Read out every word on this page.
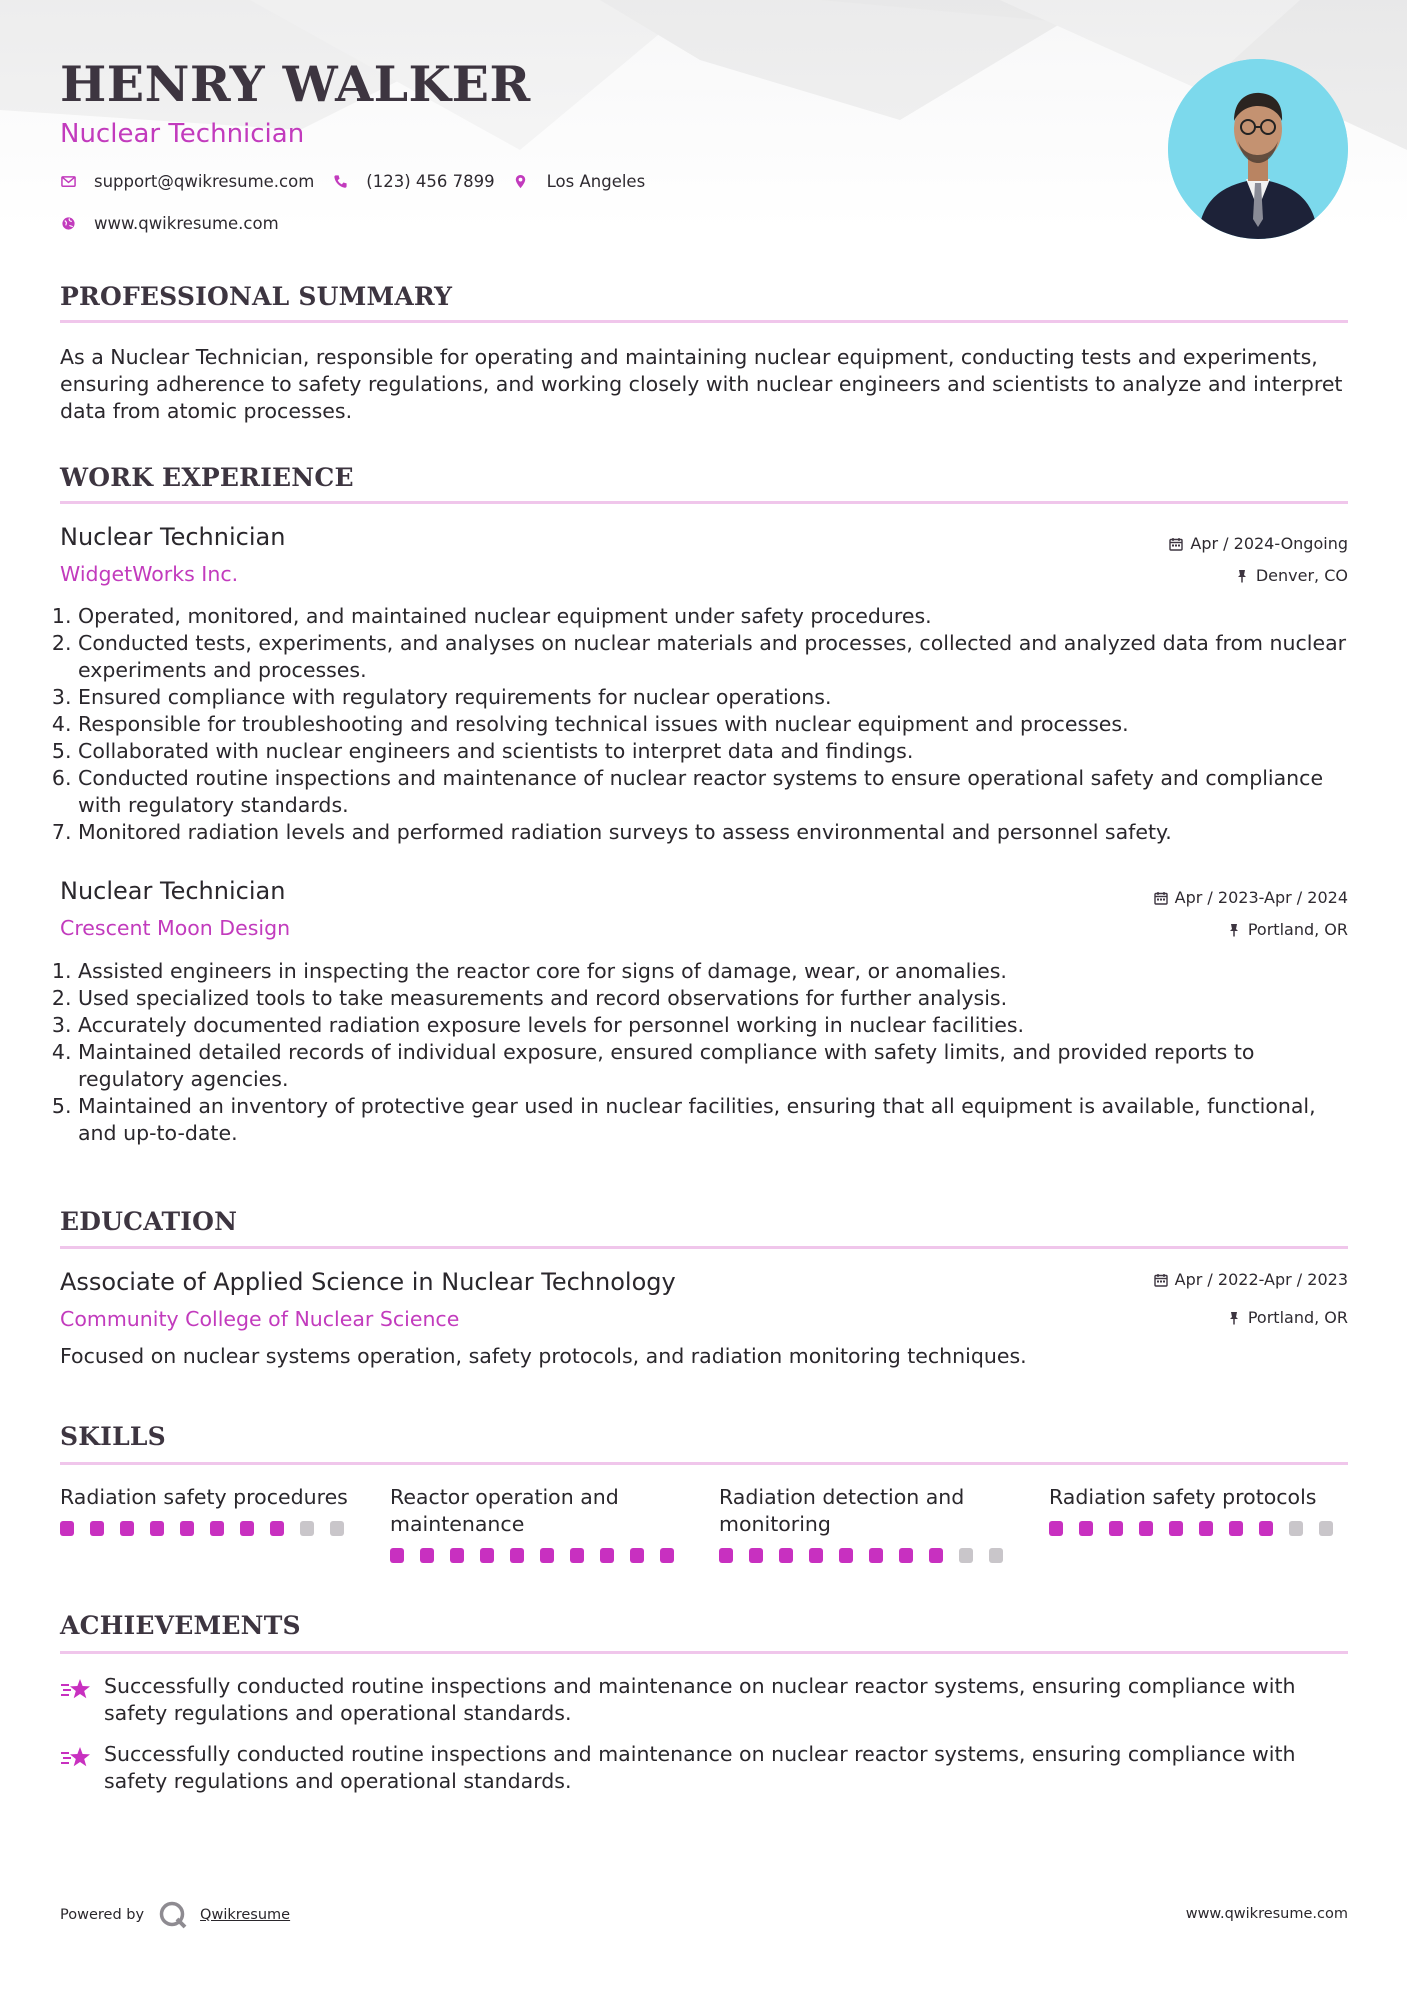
HENRY WALKER
Nuclear Technician
support@qwikresume.com	(123) 456 7899	Los Angeles
www.qwikresume.com
PROFESSIONAL SUMMARY
As a Nuclear Technician, responsible for operating and maintaining nuclear equipment, conducting tests and experiments, ensuring adherence to safety regulations, and working closely with nuclear engineers and scientists to analyze and interpret data from atomic processes.
WORK EXPERIENCE
Nuclear Technician
WidgetWorks Inc.
Apr / 2024-Ongoing
Denver, CO
1. Operated, monitored, and maintained nuclear equipment under safety procedures.
2. Conducted tests, experiments, and analyses on nuclear materials and processes, collected and analyzed data from nuclear experiments and processes.
3. Ensured compliance with regulatory requirements for nuclear operations.
4. Responsible for troubleshooting and resolving technical issues with nuclear equipment and processes.
5. Collaborated with nuclear engineers and scientists to interpret data and findings.
6. Conducted routine inspections and maintenance of nuclear reactor systems to ensure operational safety and compliance with regulatory standards.
7. Monitored radiation levels and performed radiation surveys to assess environmental and personnel safety.
Nuclear Technician
Crescent Moon Design
Apr / 2023-Apr / 2024
Portland, OR
1. Assisted engineers in inspecting the reactor core for signs of damage, wear, or anomalies.
2. Used specialized tools to take measurements and record observations for further analysis.
3. Accurately documented radiation exposure levels for personnel working in nuclear facilities.
4. Maintained detailed records of individual exposure, ensured compliance with safety limits, and provided reports to regulatory agencies.
5. Maintained an inventory of protective gear used in nuclear facilities, ensuring that all equipment is available, functional, and up-to-date.
EDUCATION
Associate of Applied Science in Nuclear Technology
Community College of Nuclear Science
Apr / 2022-Apr / 2023
Portland, OR
Focused on nuclear systems operation, safety protocols, and radiation monitoring techniques.
SKILLS
Radiation safety procedures	Reactor operation and maintenance
Radiation detection and monitoring
Radiation safety protocols
ACHIEVEMENTS
Successfully conducted routine inspections and maintenance on nuclear reactor systems, ensuring compliance with safety regulations and operational standards.
Successfully conducted routine inspections and maintenance on nuclear reactor systems, ensuring compliance with safety regulations and operational standards.
Powered by	Qwikresume	www.qwikresume.com
